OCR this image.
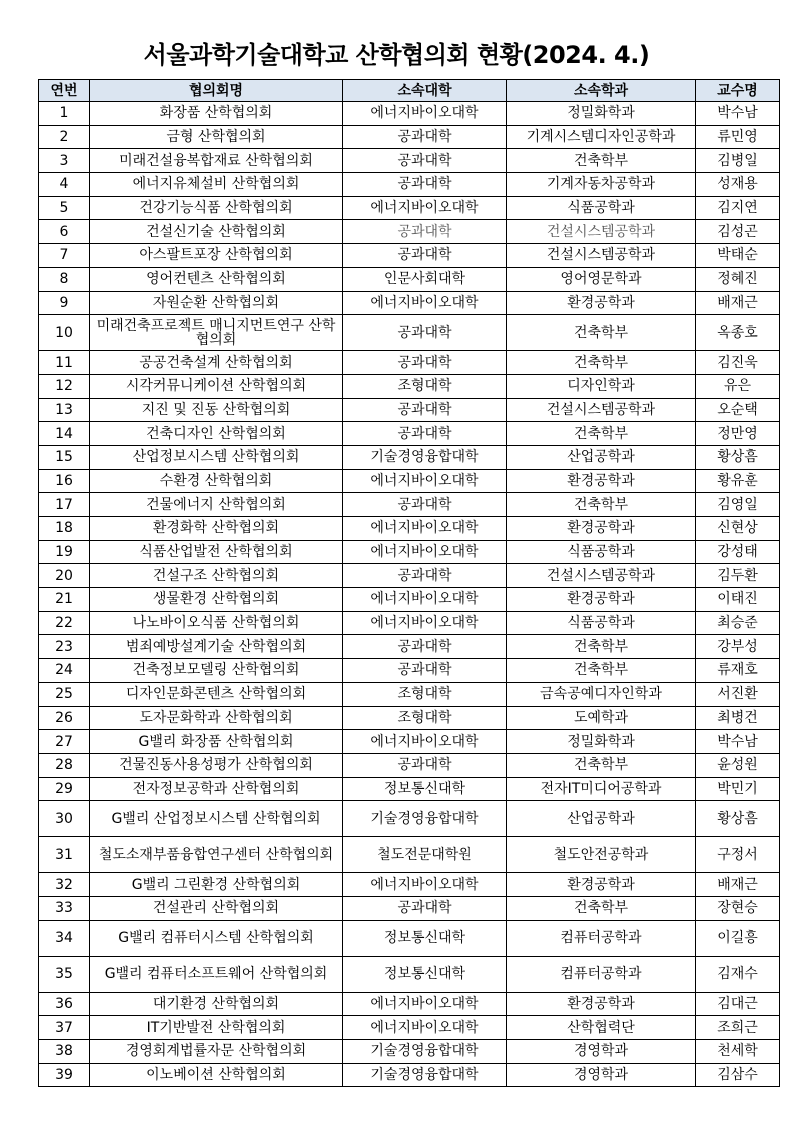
서울과학기술대학교 산학협의회 현황(2024. 4.)
연번	협의회명	소속대학	소속학과	교수명
1	화장품 산학협의회	에너지바이오대학	정밀화학과	박수남
2	금형 산학협의회	공과대학	기계시스템디자인공학과	류민영
3	미래건설융복합재료 산학협의회	공과대학	건축학부	김병일
4	에너지유체설비 산학협의회	공과대학	기계자동차공학과	성재용
5	건강기능식품 산학협의회	에너지바이오대학	식품공학과	김지연
6	건설신기술 산학협의회	공과대학	건설시스템공학과	김성곤
7	아스팔트포장 산학협의회	공과대학	건설시스템공학과	박태순
8	영어컨텐츠 산학협의회	인문사회대학	영어영문학과	정혜진
9	자원순환 산학협의회	에너지바이오대학	환경공학과	배재근
10	미래건축프로젝트 매니지먼트연구 산학협의회	공과대학	건축학부	옥종호
11	공공건축설계 산학협의회	공과대학	건축학부	김진욱
12	시각커뮤니케이션 산학협의회	조형대학	디자인학과	유은
13	지진 및 진동 산학협의회	공과대학	건설시스템공학과	오순택
14	건축디자인 산학협의회	공과대학	건축학부	정만영
15	산업정보시스템 산학협의회	기술경영융합대학	산업공학과	황상흠
16	수환경 산학협의회	에너지바이오대학	환경공학과	황유훈
17	건물에너지 산학협의회	공과대학	건축학부	김영일
18	환경화학 산학협의회	에너지바이오대학	환경공학과	신현상
19	식품산업발전 산학협의회	에너지바이오대학	식품공학과	강성태
20	건설구조 산학협의회	공과대학	건설시스템공학과	김두환
21	생물환경 산학협의회	에너지바이오대학	환경공학과	이태진
22	나노바이오식품 산학협의회	에너지바이오대학	식품공학과	최승준
23	범죄예방설계기술 산학협의회	공과대학	건축학부	강부성
24	건축정보모델링 산학협의회	공과대학	건축학부	류재호
25	디자인문화콘텐츠 산학협의회	조형대학	금속공예디자인학과	서진환
26	도자문화학과 산학협의회	조형대학	도예학과	최병건
27	G밸리 화장품 산학협의회	에너지바이오대학	정밀화학과	박수남
28	건물진동사용성평가 산학협의회	공과대학	건축학부	윤성원
29	전자정보공학과 산학협의회	정보통신대학	전자IT미디어공학과	박민기
30	G밸리 산업정보시스템 산학협의회	기술경영융합대학	산업공학과	황상흠
31	철도소재부품융합연구센터 산학협의회	철도전문대학원	철도안전공학과	구정서
32	G밸리 그린환경 산학협의회	에너지바이오대학	환경공학과	배재근
33	건설관리 산학협의회	공과대학	건축학부	장현승
34	G밸리 컴퓨터시스템 산학협의회	정보통신대학	컴퓨터공학과	이길흥
35	G밸리 컴퓨터소프트웨어 산학협의회	정보통신대학	컴퓨터공학과	김재수
36	대기환경 산학협의회	에너지바이오대학	환경공학과	김대근
37	IT기반발전 산학협의회	에너지바이오대학	산학협력단	조희근
38	경영회계법률자문 산학협의회	기술경영융합대학	경영학과	천세학
39	이노베이션 산학협의회	기술경영융합대학	경영학과	김삼수
